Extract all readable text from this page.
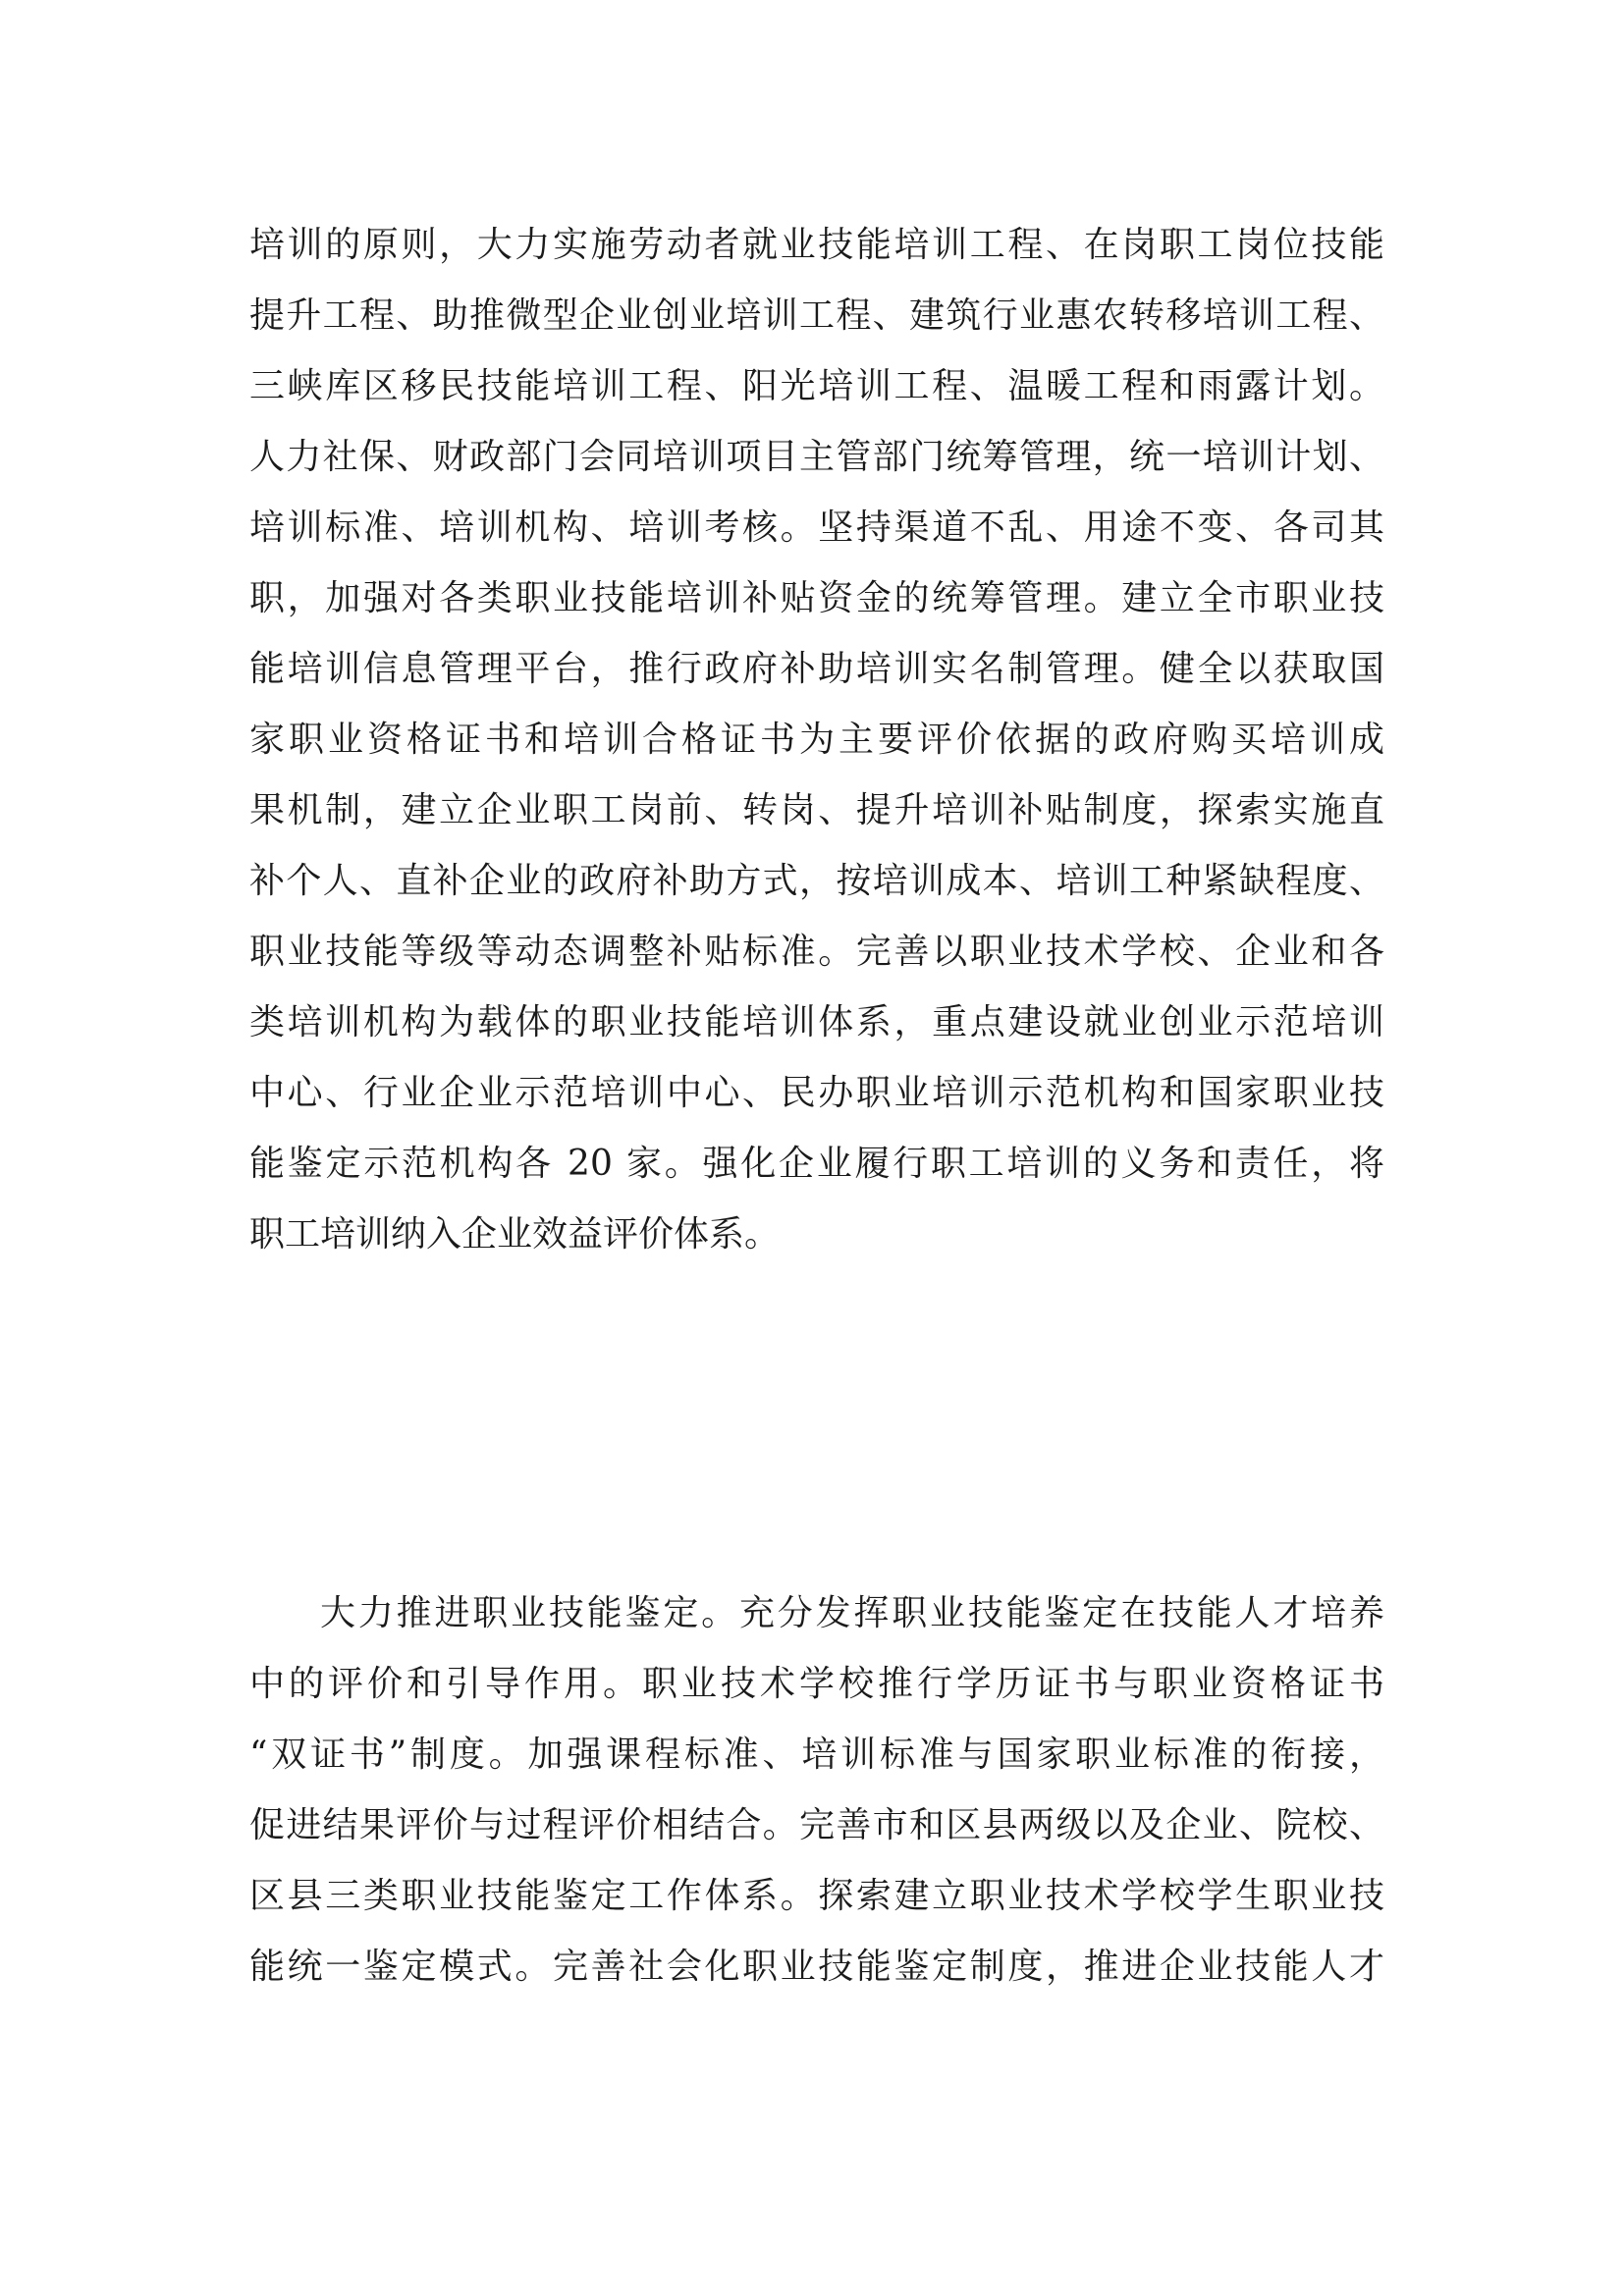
培训的原则，大力实施劳动者就业技能培训工程、在岗职工岗位技能
提升工程、助推微型企业创业培训工程、建筑行业惠农转移培训工程、
三峡库区移民技能培训工程、阳光培训工程、温暖工程和雨露计划。
人力社保、财政部门会同培训项目主管部门统筹管理，统一培训计划、
培训标准、培训机构、培训考核。坚持渠道不乱、用途不变、各司其
职，加强对各类职业技能培训补贴资金的统筹管理。建立全市职业技
能培训信息管理平台，推行政府补助培训实名制管理。健全以获取国
家职业资格证书和培训合格证书为主要评价依据的政府购买培训成
果机制，建立企业职工岗前、转岗、提升培训补贴制度，探索实施直
补个人、直补企业的政府补助方式，按培训成本、培训工种紧缺程度、
职业技能等级等动态调整补贴标准。完善以职业技术学校、企业和各
类培训机构为载体的职业技能培训体系，重点建设就业创业示范培训
中心、行业企业示范培训中心、民办职业培训示范机构和国家职业技
能鉴定示范机构各 20 家。强化企业履行职工培训的义务和责任，将
职工培训纳入企业效益评价体系。
大力推进职业技能鉴定。充分发挥职业技能鉴定在技能人才培养
中的评价和引导作用。职业技术学校推行学历证书与职业资格证书
“双证书”制度。加强课程标准、培训标准与国家职业标准的衔接，
促进结果评价与过程评价相结合。完善市和区县两级以及企业、院校、
区县三类职业技能鉴定工作体系。探索建立职业技术学校学生职业技
能统一鉴定模式。完善社会化职业技能鉴定制度，推进企业技能人才
